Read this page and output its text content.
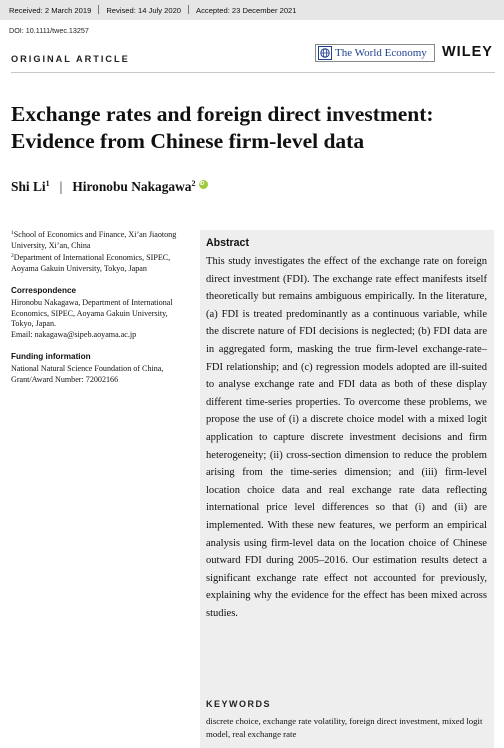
Received: 2 March 2019 Revised: 14 July 2020 Accepted: 23 December 2021
DOI: 10.1111/twec.13257
The World Economy WILEY
ORIGINAL ARTICLE
Exchange rates and foreign direct investment: Evidence from Chinese firm-level data
Shi Li$^1$ | Hironobu Nakagawa$^2$iD

$^1$School of Economics and Finance, Xi’an Jiaotong University, Xi’an, China

$^2$Department of International Economics, SIPEC, Aoyama Gakuin University, Tokyo, Japan

Correspondence

Hironobu Nakagawa, Department of International Economics, SIPEC, Aoyama Gakuin University, Tokyo, Japan.

Email: nakagawa@sipeb.aoyama.ac.jp

Funding information

National Natural Science Foundation of China, Grant/Award Number: 72002166

Abstract

This study investigates the effect of the exchange rate on foreign direct investment (FDI). The exchange rate effect manifests itself theoretically but remains ambiguous empirically. In the literature, (a) FDI is treated predominantly as a continuous variable, while the discrete nature of FDI decisions is neglected; (b) FDI data are in aggregated form, masking the true firm-level exchange-rate–FDI relationship; and (c) regression models adopted are ill-suited to analyse exchange rate and FDI data as both of these display different time-series properties. To overcome these problems, we propose the use of (i) a discrete choice model with a mixed logit application to capture discrete investment decisions and firm heterogeneity; (ii) cross-section dimension to reduce the problem arising from the time-series dimension; and (iii) firm-level location choice data and real exchange rate data reflecting international price level differences so that (i) and (ii) are implemented. With these new features, we perform an empirical analysis using firm-level data on the location choice of Chinese outward FDI during 2005–2016. Our estimation results detect a significant exchange rate effect not accounted for previously, explaining why the evidence for the effect has been mixed across studies.

KEYWORDS

discrete choice, exchange rate volatility, foreign direct investment, mixed logit model, real exchange rate
